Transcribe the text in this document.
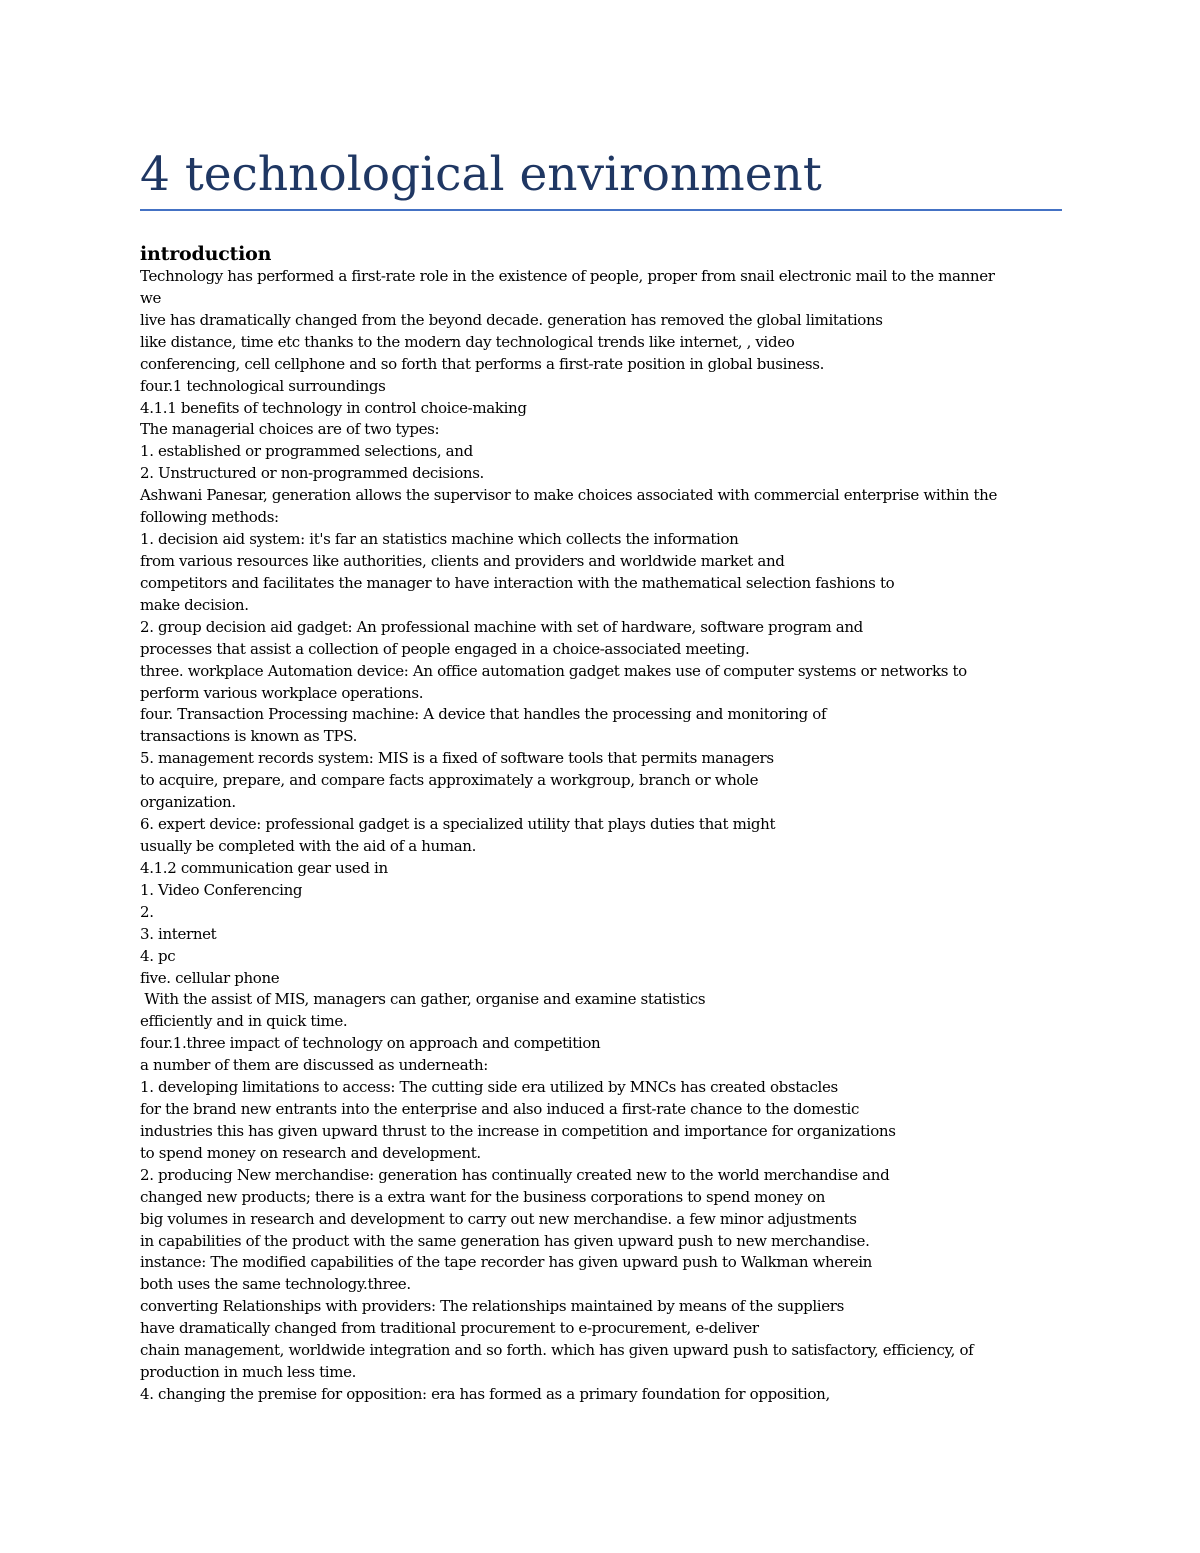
4 technological environment
introduction
Technology has performed a first-rate role in the existence of people, proper from snail electronic mail to the manner
we
live has dramatically changed from the beyond decade. generation has removed the global limitations
like distance, time etc thanks to the modern day technological trends like internet, , video
conferencing, cell cellphone and so forth that performs a first-rate position in global business.
four.1 technological surroundings
4.1.1 benefits of technology in control choice-making
The managerial choices are of two types:
1. established or programmed selections, and
2. Unstructured or non-programmed decisions.
Ashwani Panesar, generation allows the supervisor to make choices associated with commercial enterprise within the
following methods:
1. decision aid system: it's far an statistics machine which collects the information
from various resources like authorities, clients and providers and worldwide market and
competitors and facilitates the manager to have interaction with the mathematical selection fashions to
make decision.
2. group decision aid gadget: An professional machine with set of hardware, software program and
processes that assist a collection of people engaged in a choice-associated meeting.
three. workplace Automation device: An office automation gadget makes use of computer systems or networks to
perform various workplace operations.
four. Transaction Processing machine: A device that handles the processing and monitoring of
transactions is known as TPS.
5. management records system: MIS is a fixed of software tools that permits managers
to acquire, prepare, and compare facts approximately a workgroup, branch or whole
organization.
6. expert device: professional gadget is a specialized utility that plays duties that might
usually be completed with the aid of a human.
4.1.2 communication gear used in
1. Video Conferencing
2.
3. internet
4. pc
five. cellular phone
With the assist of MIS, managers can gather, organise and examine statistics
efficiently and in quick time.
four.1.three impact of technology on approach and competition
a number of them are discussed as underneath:
1. developing limitations to access: The cutting side era utilized by MNCs has created obstacles
for the brand new entrants into the enterprise and also induced a first-rate chance to the domestic
industries this has given upward thrust to the increase in competition and importance for organizations
to spend money on research and development.
2. producing New merchandise: generation has continually created new to the world merchandise and
changed new products; there is a extra want for the business corporations to spend money on
big volumes in research and development to carry out new merchandise. a few minor adjustments
in capabilities of the product with the same generation has given upward push to new merchandise.
instance: The modified capabilities of the tape recorder has given upward push to Walkman wherein
both uses the same technology.three.
converting Relationships with providers: The relationships maintained by means of the suppliers
have dramatically changed from traditional procurement to e-procurement, e-deliver
chain management, worldwide integration and so forth. which has given upward push to satisfactory, efficiency, of
production in much less time.
4. changing the premise for opposition: era has formed as a primary foundation for opposition,
